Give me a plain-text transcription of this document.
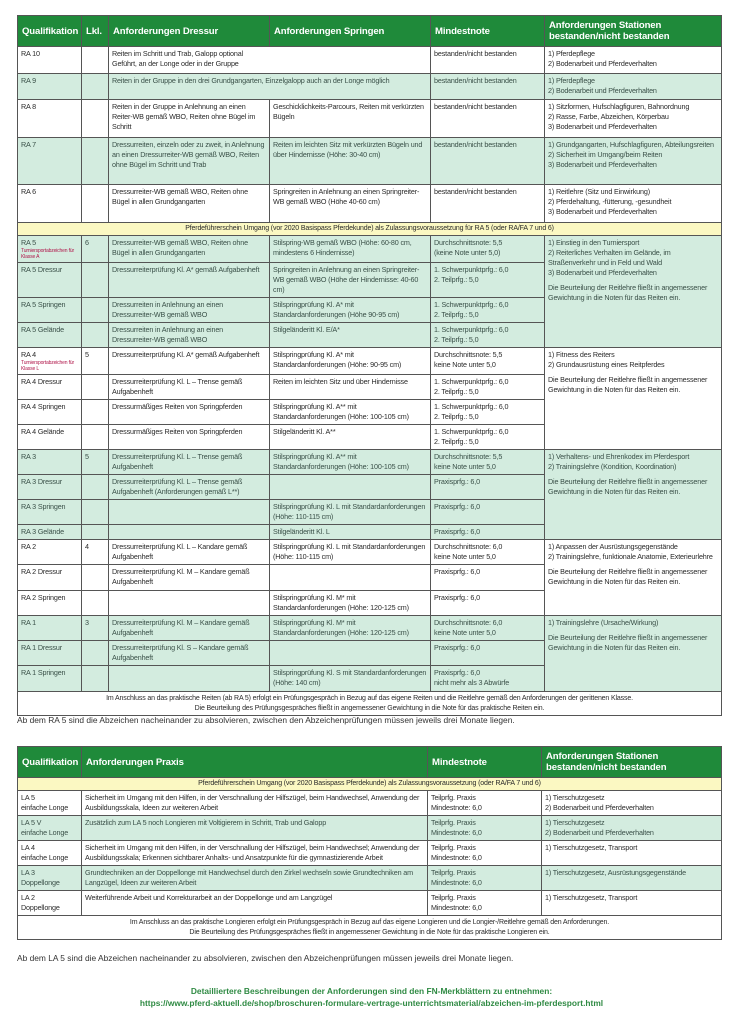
Qualifikation	Lkl.	Anforderungen Dressur	Anforderungen Springen	Mindestnote	Anforderungen Stationen bestanden/nicht bestanden
RA 10		Reiten im Schritt und Trab, Galopp optional
Geführt, an der Longe oder in der Gruppe		bestanden/nicht bestanden	1) Pferdepflege
2) Bodenarbeit und Pferdeverhalten

RA 9		Reiten in der Gruppe in den drei Grundgangarten, Einzelgalopp auch an der Longe möglich		bestanden/nicht bestanden	1) Pferdepflege
2) Bodenarbeit und Pferdeverhalten

RA 8		Reiten in der Gruppe in Anlehnung an einen Reiter-WB gemäß WBO, Reiten ohne Bügel im Schritt	Geschicklichkeits-Parcours, Reiten mit verkürzten Bügeln	bestanden/nicht bestanden	1) Sitzformen, Hufschlagfiguren, Bahnordnung
2) Rasse, Farbe, Abzeichen, Körperbau
3) Bodenarbeit und Pferdeverhalten

RA 7		Dressurreiten, einzeln oder zu zweit, in Anlehnung an einen Dressurreiter-WB gemäß WBO, Reiten ohne Bügel im Schritt und Trab	Reiten im leichten Sitz mit verkürzten Bügeln und über Hindernisse (Höhe: 30-40 cm)	bestanden/nicht bestanden	1) Grundgangarten, Hufschlagfiguren, Abteilungsreiten
2) Sicherheit im Umgang/beim Reiten
3) Bodenarbeit und Pferdeverhalten

RA 6		Dressurreiter-WB gemäß WBO, Reiten ohne Bügel in allen Grundgangarten	Springreiten in Anlehnung an einen Springreiter-WB gemäß WBO (Höhe 40-60 cm)	bestanden/nicht bestanden	1) Reitlehre (Sitz und Einwirkung)
2) Pferdehaltung, -fütterung, -gesundheit
3) Bodenarbeit und Pferdeverhalten

Pferdeführerschein Umgang (vor 2020 Basispass Pferdekunde) als Zulassungsvoraussetzung für RA 5 (oder RA/FA 7 und 6)					
RA 5
Turniersportabzeichen für Klasse A	6	Dressurreiter-WB gemäß WBO, Reiten ohne Bügel in allen Grundgangarten	Stilspring-WB gemäß WBO (Höhe: 60-80 cm, mindestens 6 Hindernisse)	Durchschnittsnote: 5,5
(keine Note unter 5,0)	1) Einstieg in den Turniersport
2) Reiterliches Verhalten im Gelände, im Straßenverkehr und in Feld und Wald
3) Bodenarbeit und Pferdeverhalten
Die Beurteilung der Reitlehre fließt in angemessener Gewichtung in die Noten für das Reiten ein.

RA 5 Dressur		Dressurreiterprüfung Kl. A* gemäß Aufgabenheft	Springreiten in Anlehnung an einen Springreiter-WB gemäß WBO (Höhe der Hindernisse: 40-60 cm)	1. Schwerpunktprfg.: 6,0
2. Teilprfg.: 5,0	

RA 5 Springen		Dressurreiten in Anlehnung an einen Dressurreiter-WB gemäß WBO	Stilspringprüfung Kl. A* mit Standardanforderungen (Höhe 90-95 cm)	1. Schwerpunktprfg.: 6,0
2. Teilprfg.: 5,0	

RA 5 Gelände		Dressurreiten in Anlehnung an einen Dressurreiter-WB gemäß WBO	Stilgeländeritt Kl. E/A*	1. Schwerpunktprfg.: 6,0
2. Teilprfg.: 5,0	

RA 4
Turniersportabzeichen für Klasse L	5	Dressurreiterprüfung Kl. A* gemäß Aufgabenheft	Stilspringprüfung Kl. A* mit Standardanforderungen (Höhe: 90-95 cm)	Durchschnittsnote: 5,5
keine Note unter 5,0	1) Fitness des Reiters
2) Grundausrüstung eines Reitpferdes
Die Beurteilung der Reitlehre fließt in angemessener Gewichtung in die Noten für das Reiten ein.

RA 4 Dressur		Dressurreiterprüfung Kl. L – Trense gemäß Aufgabenheft	Reiten im leichten Sitz und über Hindernisse	1. Schwerpunktprfg.: 6,0
2. Teilprfg.: 5,0	

RA 4 Springen		Dressurmäßiges Reiten von Springpferden	Stilspringprüfung Kl. A** mit Standardanforderungen (Höhe: 100-105 cm)	1. Schwerpunktprfg.: 6,0
2. Teilprfg.: 5,0	

RA 4 Gelände		Dressurmäßiges Reiten von Springpferden	Stilgeländeritt Kl. A**	1. Schwerpunktprfg.: 6,0
2. Teilprfg.: 5,0	

RA 3	5	Dressurreiterprüfung Kl. L – Trense gemäß Aufgabenheft	Stilspringprüfung Kl. A** mit Standardanforderungen (Höhe: 100-105 cm)	Durchschnittsnote: 5,5
keine Note unter 5,0	1) Verhaltens- und Ehrenkodex im Pferdesport
2) Trainingslehre (Kondition, Koordination)
Die Beurteilung der Reitlehre fließt in angemessener Gewichtung in die Noten für das Reiten ein.

RA 3 Dressur		Dressurreiterprüfung Kl. L – Trense gemäß Aufgabenheft (Anforderungen gemäß L**)		Praxisprfg.: 6,0	
RA 3 Springen			Stilspringprüfung Kl. L mit Standardanforderungen (Höhe: 110-115 cm)	Praxisprfg.: 6,0	
RA 3 Gelände			Stilgeländeritt Kl. L	Praxisprfg.: 6,0	
RA 2	4	Dressurreiterprüfung Kl. L – Kandare gemäß Aufgabenheft	Stilspringprüfung Kl. L mit Standardanforderungen (Höhe: 110-115 cm)	Durchschnittsnote: 6,0
keine Note unter 5,0	1) Anpassen der Ausrüstungsgegenstände
2) Trainingslehre, funktionale Anatomie, Exterieurlehre
Die Beurteilung der Reitlehre fließt in angemessener Gewichtung in die Noten für das Reiten ein.

RA 2 Dressur		Dressurreiterprüfung Kl. M – Kandare gemäß Aufgabenheft		Praxisprfg.: 6,0	
RA 2 Springen			Stilspringprüfung Kl. M* mit Standardanforderungen (Höhe: 120-125 cm)	Praxisprfg.: 6,0	
RA 1	3	Dressurreiterprüfung Kl. M – Kandare gemäß Aufgabenheft	Stilspringprüfung Kl. M* mit Standardanforderungen (Höhe: 120-125 cm)	Durchschnittsnote: 6,0
keine Note unter 5,0	1) Trainingslehre (Ursache/Wirkung)
Die Beurteilung der Reitlehre fließt in angemessener Gewichtung in die Noten für das Reiten ein.

RA 1 Dressur		Dressurreiterprüfung Kl. S – Kandare gemäß Aufgabenheft		Praxisprfg.: 6,0	
RA 1 Springen			Stilspringprüfung Kl. S mit Standardanforderungen (Höhe: 140 cm)	Praxisprfg.: 6,0
nicht mehr als 3 Abwürfe	

Im Anschluss an das praktische Reiten (ab RA 5) erfolgt ein Prüfungsgespräch in Bezug auf das eigene Reiten und die Reitlehre gemäß den Anforderungen der gerittenen Klasse.
Die Beurteilung des Prüfungsgespräches fließt in angemessener Gewichtung in die Note für das praktische Reiten ein.					
Ab dem RA 5 sind die Abzeichen nacheinander zu absolvieren, zwischen den Abzeichenprüfungen müssen jeweils drei Monate liegen.
Qualifikation	Anforderungen Praxis	Mindestnote	Anforderungen Stationen bestanden/nicht bestanden
Pferdeführerschein Umgang (vor 2020 Basispass Pferdekunde) als Zulassungsvoraussetzung (oder RA/FA 7 und 6)			

LA 5
einfache Longe	Sicherheit im Umgang mit den Hilfen, in der Verschnallung der Hilfszügel, beim Handwechsel, Anwendung der Ausbildungsskala, Ideen zur weiteren Arbeit	Teilprfg. Praxis
Mindestnote: 6,0	1) Tierschutzgesetz
2) Bodenarbeit und Pferdeverhalten

LA 5 V
einfache Longe	Zusätzlich zum LA 5 noch Longieren mit Voltigierern in Schritt, Trab und Galopp	Teilprfg. Praxis
Mindestnote: 6,0	1) Tierschutzgesetz
2) Bodenarbeit und Pferdeverhalten

LA 4
einfache Longe	Sicherheit im Umgang mit den Hilfen, in der Verschnallung der Hilfszügel, beim Handwechsel; Anwendung der Ausbildungsskala; Erkennen sichtbarer Anhalts- und Ansatzpunkte für die gymnastizierende Arbeit	Teilprfg. Praxis
Mindestnote: 6,0	1) Tierschutzgesetz, Transport

LA 3
Doppellonge	Grundtechniken an der Doppellonge mit Handwechsel durch den Zirkel wechseln sowie Grundtechniken am Langzügel, Ideen zur weiteren Arbeit	Teilprfg. Praxis
Mindestnote: 6,0	1) Tierschutzgesetz, Ausrüstungsgegenstände

LA 2
Doppellonge	Weiterführende Arbeit und Korrekturarbeit an der Doppellonge und am Langzügel	Teilprfg. Praxis
Mindestnote: 6,0	1) Tierschutzgesetz, Transport

Im Anschluss an das praktische Longieren erfolgt ein Prüfungsgespräch in Bezug auf das eigene Longieren und die Longier-/Reitlehre gemäß den Anforderungen.
Die Beurteilung des Prüfungsgespräches fließt in angemessener Gewichtung in die Note für das praktische Longieren ein.			
Ab dem LA 5 sind die Abzeichen nacheinander zu absolvieren, zwischen den Abzeichenprüfungen müssen jeweils drei Monate liegen.
Detailliertere Beschreibungen der Anforderungen sind den FN-Merkblättern zu entnehmen:
https://www.pferd-aktuell.de/shop/broschuren-formulare-vertrage-unterrichtsmaterial/abzeichen-im-pferdesport.html
